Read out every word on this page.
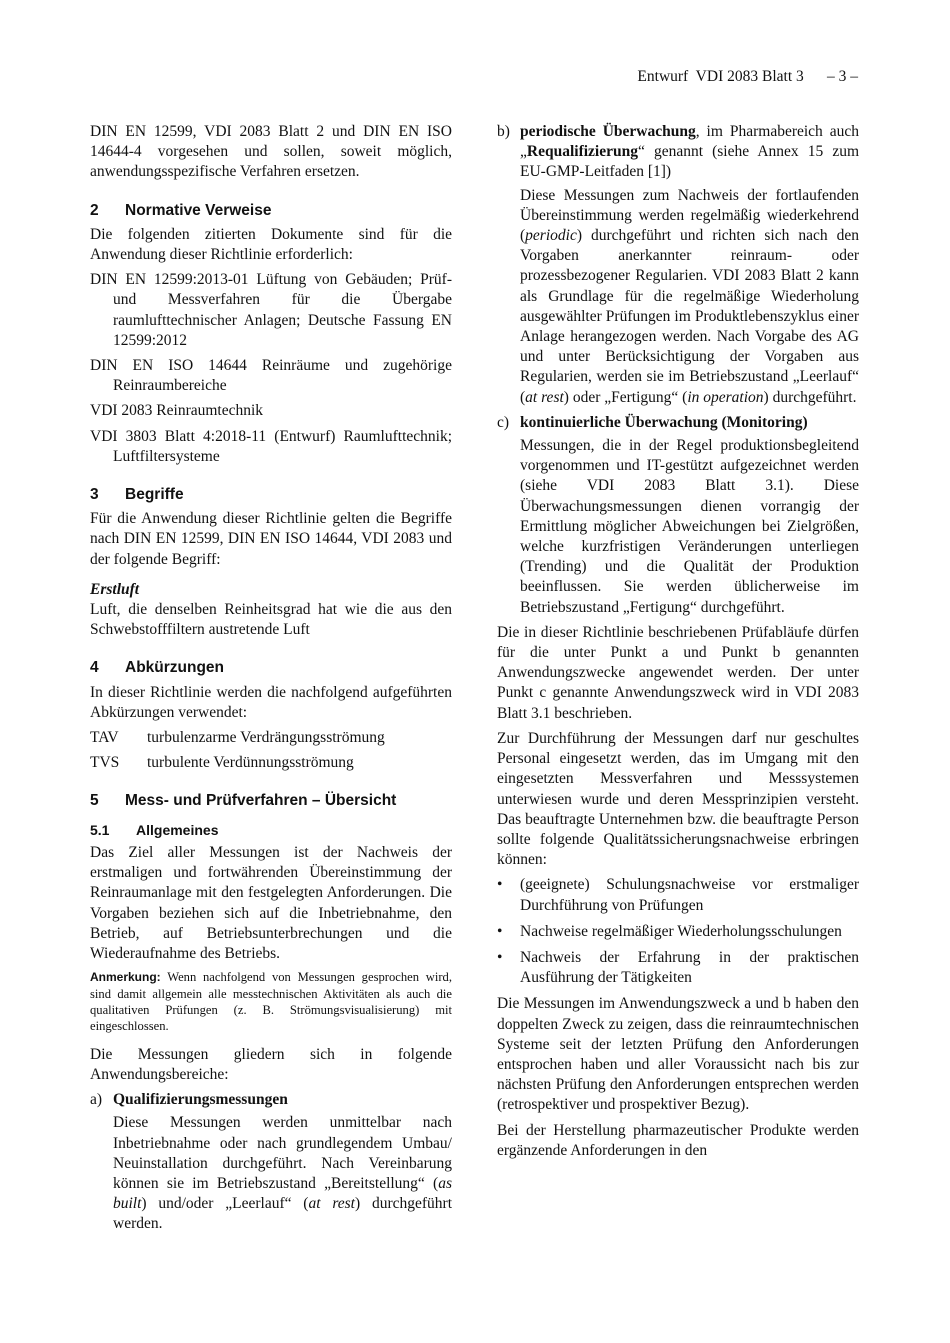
Entwurf  VDI 2083 Blatt 3      – 3 –

DIN EN 12599, VDI 2083 Blatt 2 und DIN EN ISO 14644-4 vorgesehen und sollen, soweit möglich, anwendungsspezifische Verfahren ersetzen.

2	Normative Verweise

Die folgenden zitierten Dokumente sind für die Anwendung dieser Richtlinie erforderlich:

DIN EN 12599:2013-01 Lüftung von Gebäuden; Prüf- und Messverfahren für die Übergabe raumlufttechnischer Anlagen; Deutsche Fassung EN 12599:2012
DIN EN ISO 14644 Reinräume und zugehörige Reinraumbereiche
VDI 2083 Reinraumtechnik
VDI 3803 Blatt 4:2018-11 (Entwurf) Raumlufttechnik; Luftfiltersysteme
3	Begriffe

Für die Anwendung dieser Richtlinie gelten die Begriffe nach DIN EN 12599, DIN EN ISO 14644, VDI 2083 und der folgende Begriff:

Erstluft

Luft, die denselben Reinheitsgrad hat wie die aus den Schwebstofffiltern austretende Luft

4	Abkürzungen

In dieser Richtlinie werden die nachfolgend aufgeführten Abkürzungen verwendet:

TAV	turbulenzarme Verdrängungsströmung
TVS	turbulente Verdünnungsströmung
5	Mess- und Prüfverfahren – Übersicht
5.1	Allgemeines

Das Ziel aller Messungen ist der Nachweis der erstmaligen und fortwährenden Übereinstimmung der Reinraumanlage mit den festgelegten Anforderungen. Die Vorgaben beziehen sich auf die Inbetriebnahme, den Betrieb, auf Betriebsunterbrechungen und die Wiederaufnahme des Betriebs.

Anmerkung: Wenn nachfolgend von Messungen gesprochen wird, sind damit allgemein alle messtechnischen Aktivitäten als auch die qualitativen Prüfungen (z. B. Strömungsvisualisierung) mit eingeschlossen.

Die Messungen gliedern sich in folgende Anwendungsbereiche:

a) Qualifizierungsmessungen

Diese Messungen werden unmittelbar nach Inbetriebnahme oder nach grundlegendem Umbau/ Neuinstallation durchgeführt. Nach Vereinbarung können sie im Betriebszustand „Bereitstellung“ (as built) und/oder „Leerlauf“ (at rest) durchgeführt werden.

b) periodische Überwachung, im Pharmabereich auch „Requalifizierung“ genannt (siehe Annex 15 zum EU-GMP-Leitfaden [1])

Diese Messungen zum Nachweis der fortlaufenden Übereinstimmung werden regelmäßig wiederkehrend (periodic) durchgeführt und richten sich nach den Vorgaben anerkannter reinraum- oder prozessbezogener Regularien. VDI 2083 Blatt 2 kann als Grundlage für die regelmäßige Wiederholung ausgewählter Prüfungen im Produktlebenszyklus einer Anlage herangezogen werden. Nach Vorgabe des AG und unter Berücksichtigung der Vorgaben aus Regularien, werden sie im Betriebszustand „Leerlauf“ (at rest) oder „Fertigung“ (in operation) durchgeführt.

c) kontinuierliche Überwachung (Monitoring)

Messungen, die in der Regel produktionsbegleitend vorgenommen und IT-gestützt aufgezeichnet werden (siehe VDI 2083 Blatt 3.1). Diese Überwachungsmessungen dienen vorrangig der Ermittlung möglicher Abweichungen bei Zielgrößen, welche kurzfristigen Veränderungen unterliegen (Trending) und die Qualität der Produktion beeinflussen. Sie werden üblicherweise im Betriebszustand „Fertigung“ durchgeführt.

Die in dieser Richtlinie beschriebenen Prüfabläufe dürfen für die unter Punkt a und Punkt b genannten Anwendungszwecke angewendet werden. Der unter Punkt c genannte Anwendungszweck wird in VDI 2083 Blatt 3.1 beschrieben.

Zur Durchführung der Messungen darf nur geschultes Personal eingesetzt werden, das im Umgang mit den eingesetzten Messverfahren und Messsystemen unterwiesen wurde und deren Messprinzipien versteht. Das beauftragte Unternehmen bzw. die beauftragte Person sollte folgende Qualitätssicherungsnachweise erbringen können:

•	(geeignete) Schulungsnachweise vor erstmaliger Durchführung von Prüfungen
•	Nachweise regelmäßiger Wiederholungsschulungen
•	Nachweis der Erfahrung in der praktischen Ausführung der Tätigkeiten

Die Messungen im Anwendungszweck a und b haben den doppelten Zweck zu zeigen, dass die reinraumtechnischen Systeme seit der letzten Prüfung den Anforderungen entsprochen haben und aller Voraussicht nach bis zur nächsten Prüfung den Anforderungen entsprechen werden (retrospektiver und prospektiver Bezug).

Bei der Herstellung pharmazeutischer Produkte werden ergänzende Anforderungen in den
